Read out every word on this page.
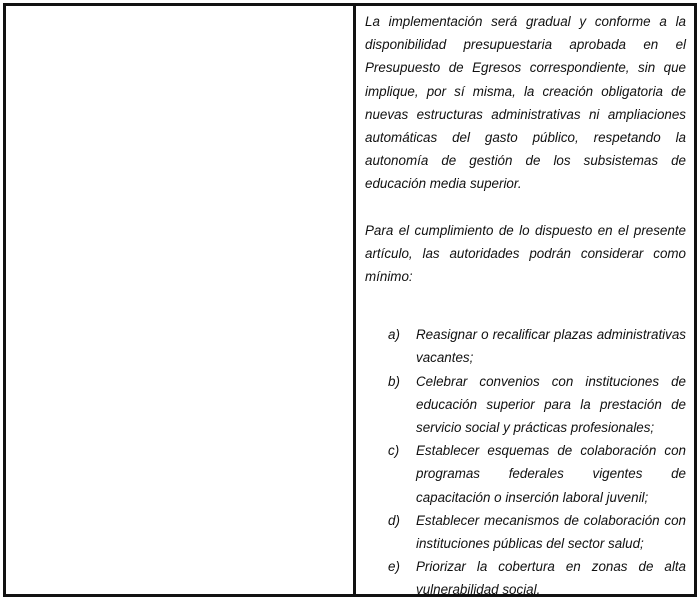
La implementación será gradual y conforme a la disponibilidad presupuestaria aprobada en el Presupuesto de Egresos correspondiente, sin que implique, por sí misma, la creación obligatoria de nuevas estructuras administrativas ni ampliaciones automáticas del gasto público, respetando la autonomía de gestión de los subsistemas de educación media superior.

Para el cumplimiento de lo dispuesto en el presente artículo, las autoridades podrán considerar como mínimo:

a)	Reasignar o recalificar plazas administrativas vacantes;
b)	Celebrar convenios con instituciones de educación superior para la prestación de servicio social y prácticas profesionales;
c)	Establecer esquemas de colaboración con programas federales vigentes de capacitación o inserción laboral juvenil;
d)	Establecer mecanismos de colaboración con instituciones públicas del sector salud;
e)	Priorizar la cobertura en zonas de alta vulnerabilidad social.
